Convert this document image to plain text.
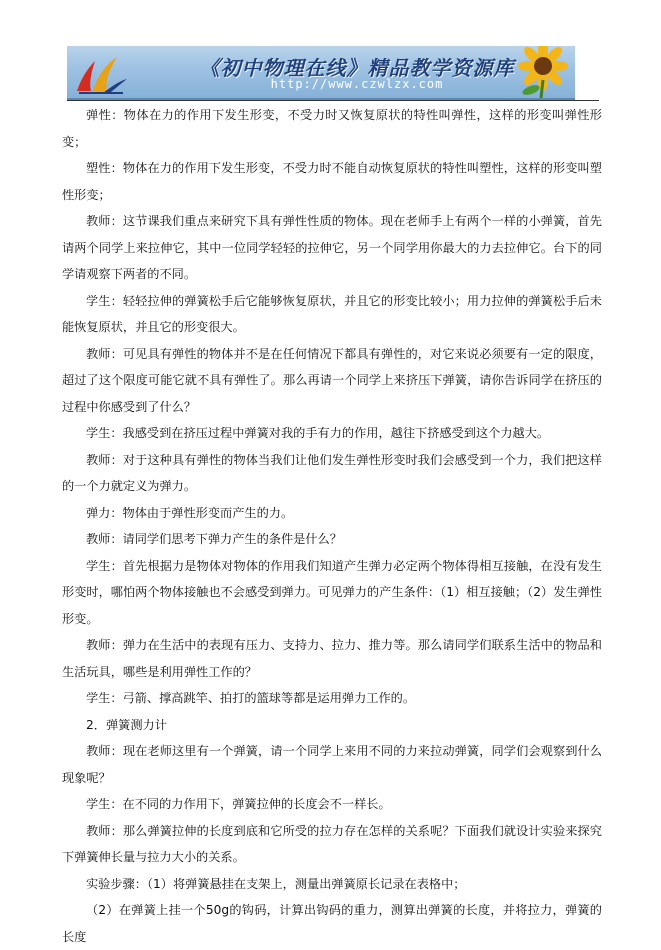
《初中物理在线》精品教学资源库
http://www.czwlzx.com

弹性：物体在力的作用下发生形变，不受力时又恢复原状的特性叫弹性，这样的形变叫弹性形变；

塑性：物体在力的作用下发生形变，不受力时不能自动恢复原状的特性叫塑性，这样的形变叫塑性形变；

教师：这节课我们重点来研究下具有弹性性质的物体。现在老师手上有两个一样的小弹簧，首先请两个同学上来拉伸它，其中一位同学轻轻的拉伸它，另一个同学用你最大的力去拉伸它。台下的同学请观察下两者的不同。

学生：轻轻拉伸的弹簧松手后它能够恢复原状，并且它的形变比较小；用力拉伸的弹簧松手后未能恢复原状，并且它的形变很大。

教师：可见具有弹性的物体并不是在任何情况下都具有弹性的，对它来说必须要有一定的限度，超过了这个限度可能它就不具有弹性了。那么再请一个同学上来挤压下弹簧，请你告诉同学在挤压的过程中你感受到了什么？

学生：我感受到在挤压过程中弹簧对我的手有力的作用，越往下挤感受到这个力越大。

教师：对于这种具有弹性的物体当我们让他们发生弹性形变时我们会感受到一个力，我们把这样的一个力就定义为弹力。

弹力：物体由于弹性形变而产生的力。

教师：请同学们思考下弹力产生的条件是什么？

学生：首先根据力是物体对物体的作用我们知道产生弹力必定两个物体得相互接触，在没有发生形变时，哪怕两个物体接触也不会感受到弹力。可见弹力的产生条件：（1）相互接触；（2）发生弹性形变。

教师：弹力在生活中的表现有压力、支持力、拉力、推力等。那么请同学们联系生活中的物品和生活玩具，哪些是利用弹性工作的？

学生：弓箭、撑高跳竿、拍打的篮球等都是运用弹力工作的。

2．弹簧测力计

教师：现在老师这里有一个弹簧，请一个同学上来用不同的力来拉动弹簧，同学们会观察到什么现象呢？

学生：在不同的力作用下，弹簧拉伸的长度会不一样长。

教师：那么弹簧拉伸的长度到底和它所受的拉力存在怎样的关系呢？下面我们就设计实验来探究下弹簧伸长量与拉力大小的关系。

实验步骤：（1）将弹簧悬挂在支架上，测量出弹簧原长记录在表格中；

（2）在弹簧上挂一个50g的钩码，计算出钩码的重力，测算出弹簧的长度，并将拉力，弹簧的长度
